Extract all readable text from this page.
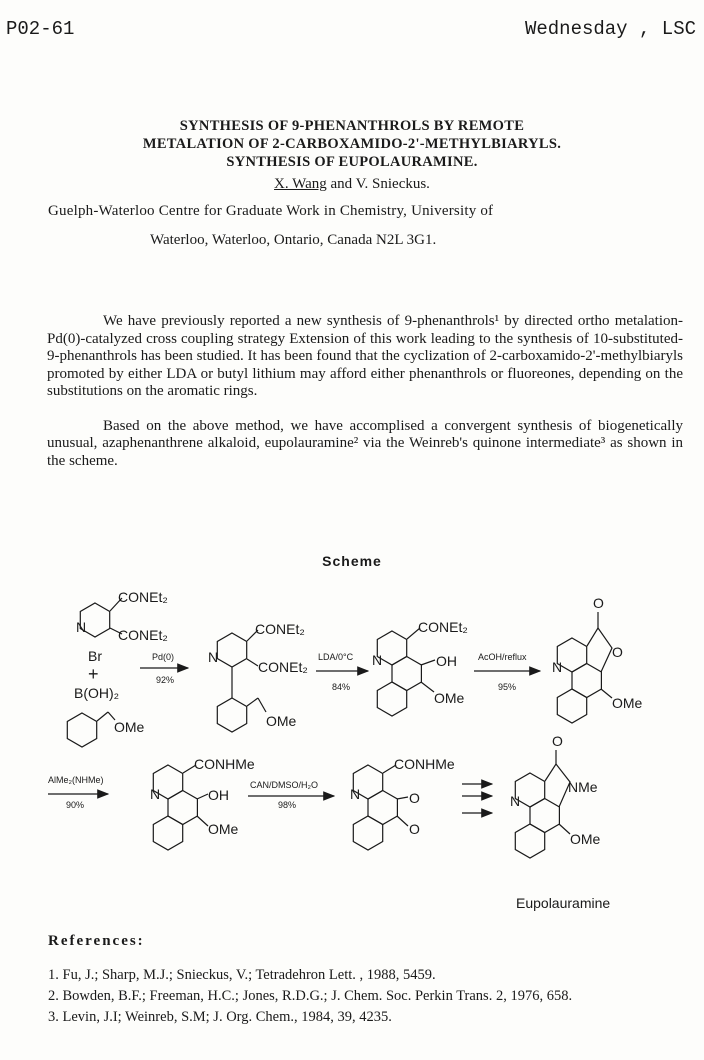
P02-61	Wednesday , LSC
SYNTHESIS OF 9-PHENANTHROLS BY REMOTE
METALATION OF 2-CARBOXAMIDO-2'-METHYLBIARYLS.
SYNTHESIS OF EUPOLAURAMINE.
X. Wang and V. Snieckus.
Guelph-Waterloo Centre for Graduate Work in Chemistry, University of
Waterloo, Waterloo, Ontario, Canada N2L 3G1.

We have previously reported a new synthesis of 9-phenanthrols¹ by directed ortho metalation-Pd(0)-catalyzed cross coupling strategy Extension of this work leading to the synthesis of 10-substituted-9-phenanthrols has been studied. It has been found that the cyclization of 2-carboxamido-2'-methylbiaryls promoted by either LDA or butyl lithium may afford either phenanthrols or fluoreones, depending on the substitutions on the aromatic rings.

Based on the above method, we have accomplised a convergent synthesis of biogenetically unusual, azaphenanthrene alkaloid, eupolauramine² via the Weinreb's quinone intermediate³ as shown in the scheme.

Scheme
CONEt₂
CONEt₂
N
Br
+
B(OH)₂
OMe
Pd(0)
92%
CONEt₂
CONEt₂
N
OMe
LDA/0°C
84%
CONEt₂
OH
OMe
N	AcOH/reflux
95%
O
O
N
OMe
AlMe₂(NHMe)
90%
CONHMe
OH
OMe
N
CAN/DMSO/H₂O
98%
CONHMe
O
O
N
O
NMe
N
OMe
Eupolauramine
References:
1. Fu, J.; Sharp, M.J.; Snieckus, V.; Tetradehron Lett. , 1988, 5459.
2. Bowden, B.F.; Freeman, H.C.; Jones, R.D.G.; J. Chem. Soc. Perkin Trans. 2, 1976, 658.
3. Levin, J.I; Weinreb, S.M; J. Org. Chem., 1984, 39, 4235.
